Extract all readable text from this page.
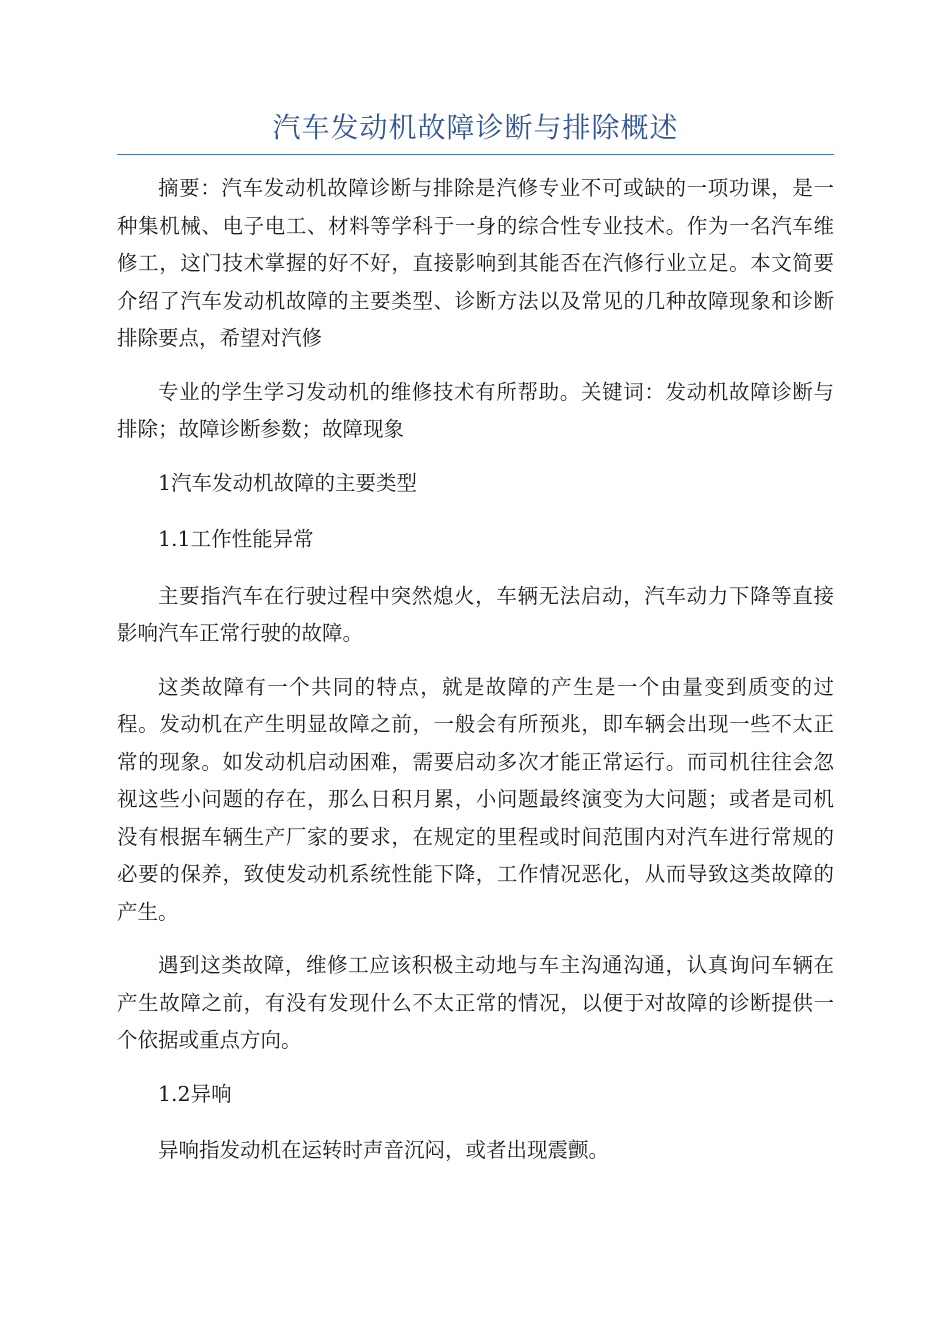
汽车发动机故障诊断与排除概述

摘要：汽车发动机故障诊断与排除是汽修专业不可或缺的一项功课，是一种集机械、电子电工、材料等学科于一身的综合性专业技术。作为一名汽车维修工，这门技术掌握的好不好，直接影响到其能否在汽修行业立足。本文简要介绍了汽车发动机故障的主要类型、诊断方法以及常见的几种故障现象和诊断排除要点，希望对汽修

专业的学生学习发动机的维修技术有所帮助。关键词：发动机故障诊断与排除；故障诊断参数；故障现象

1汽车发动机故障的主要类型

1.1工作性能异常

主要指汽车在行驶过程中突然熄火，车辆无法启动，汽车动力下降等直接影响汽车正常行驶的故障。

这类故障有一个共同的特点，就是故障的产生是一个由量变到质变的过程。发动机在产生明显故障之前，一般会有所预兆，即车辆会出现一些不太正常的现象。如发动机启动困难，需要启动多次才能正常运行。而司机往往会忽视这些小问题的存在，那么日积月累，小问题最终演变为大问题；或者是司机没有根据车辆生产厂家的要求，在规定的里程或时间范围内对汽车进行常规的必要的保养，致使发动机系统性能下降，工作情况恶化，从而导致这类故障的产生。

遇到这类故障，维修工应该积极主动地与车主沟通沟通，认真询问车辆在产生故障之前，有没有发现什么不太正常的情况，以便于对故障的诊断提供一个依据或重点方向。

1.2异响

异响指发动机在运转时声音沉闷，或者出现震颤。
